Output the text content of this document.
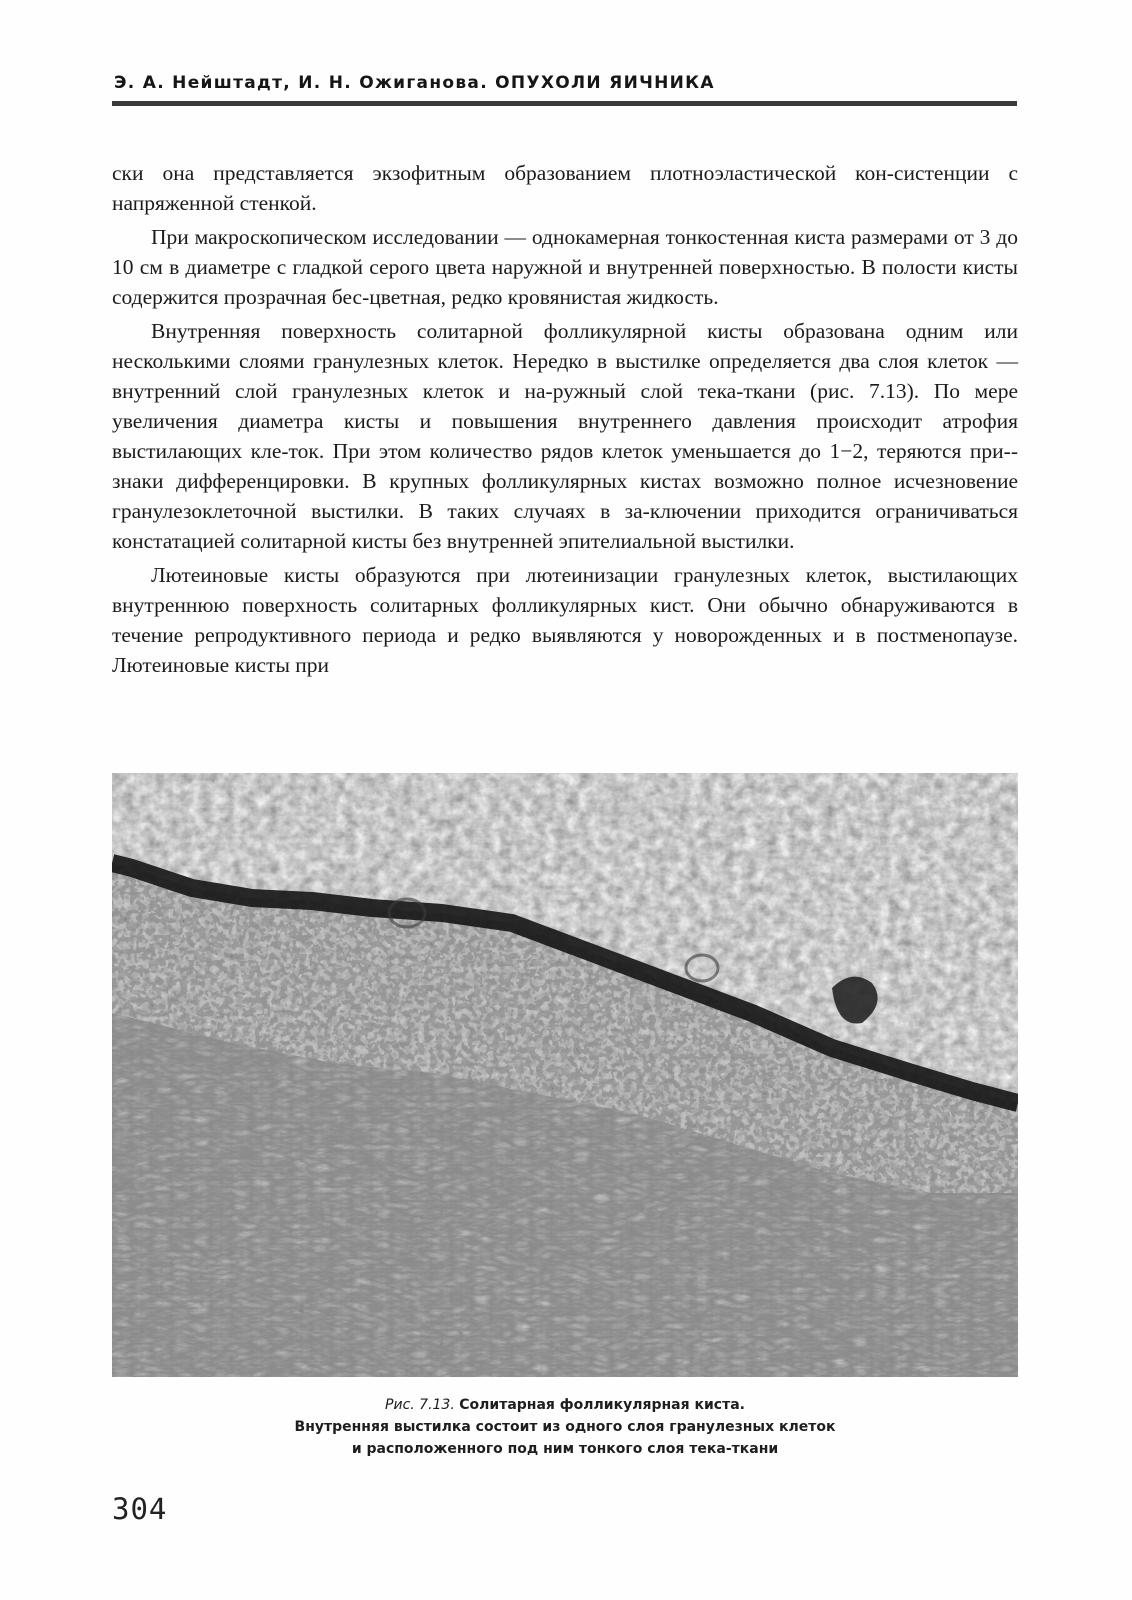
Э. А. Нейштадт, И. Н. Ожиганова. ОПУХОЛИ ЯИЧНИКА

ски она представляется экзофитным образованием плотноэластической кон-систенции с напряженной стенкой.

При макроскопическом исследовании — однокамерная тонкостенная киста размерами от 3 до 10 см в диаметре с гладкой серого цвета наружной и внутренней поверхностью. В полости кисты содержится прозрачная бес-цветная, редко кровянистая жидкость.

Внутренняя поверхность солитарной фолликулярной кисты образована одним или несколькими слоями гранулезных клеток. Нередко в выстилке определяется два слоя клеток — внутренний слой гранулезных клеток и на-ружный слой тека-ткани (рис. 7.13). По мере увеличения диаметра кисты и повышения внутреннего давления происходит атрофия выстилающих кле-ток. При этом количество рядов клеток уменьшается до 1−2, теряются при-знаки дифференцировки. В крупных фолликулярных кистах возможно полное исчезновение гранулезоклеточной выстилки. В таких случаях в за-ключении приходится ограничиваться констатацией солитарной кисты без внутренней эпителиальной выстилки.

Лютеиновые кисты образуются при лютеинизации гранулезных клеток, выстилающих внутреннюю поверхность солитарных фолликулярных кист. Они обычно обнаруживаются в течение репродуктивного периода и редко выявляются у новорожденных и в постменопаузе. Лютеиновые кисты при

Рис. 7.13. Солитарная фолликулярная киста.
Внутренняя выстилка состоит из одного слоя гранулезных клеток
и расположенного под ним тонкого слоя тека-ткани
304
